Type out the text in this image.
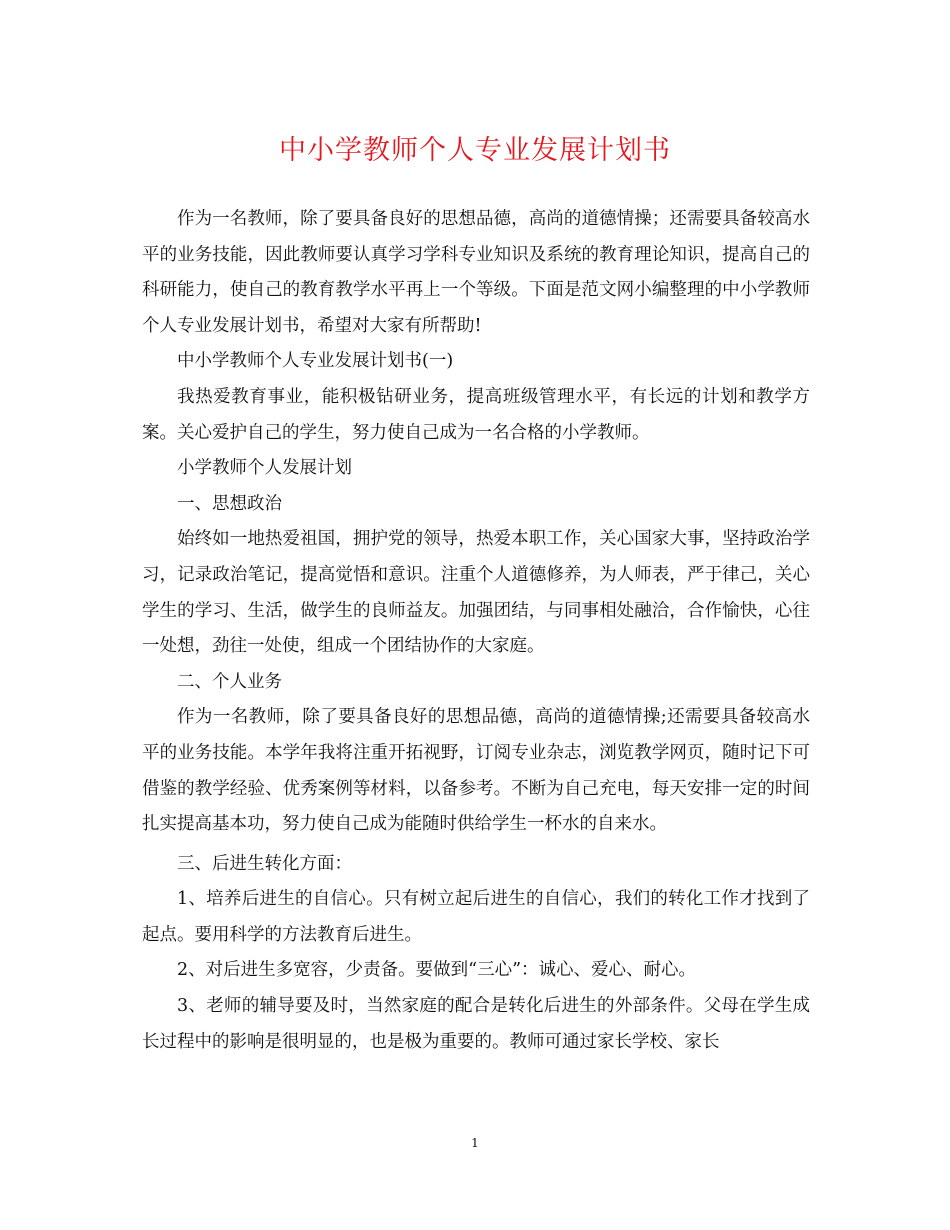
中小学教师个人专业发展计划书

作为一名教师，除了要具备良好的思想品德，高尚的道德情操；还需要具备较高水平的业务技能，因此教师要认真学习学科专业知识及系统的教育理论知识，提高自己的科研能力，使自己的教育教学水平再上一个等级。下面是范文网小编整理的中小学教师个人专业发展计划书，希望对大家有所帮助!

中小学教师个人专业发展计划书(一)

我热爱教育事业，能积极钻研业务，提高班级管理水平，有长远的计划和教学方案。关心爱护自己的学生，努力使自己成为一名合格的小学教师。

小学教师个人发展计划

一、思想政治

始终如一地热爱祖国，拥护党的领导，热爱本职工作，关心国家大事，坚持政治学习，记录政治笔记，提高觉悟和意识。注重个人道德修养，为人师表，严于律己，关心学生的学习、生活，做学生的良师益友。加强团结，与同事相处融洽，合作愉快，心往一处想，劲往一处使，组成一个团结协作的大家庭。

二、个人业务

作为一名教师，除了要具备良好的思想品德，高尚的道德情操;还需要具备较高水平的业务技能。本学年我将注重开拓视野，订阅专业杂志，浏览教学网页，随时记下可借鉴的教学经验、优秀案例等材料，以备参考。不断为自己充电，每天安排一定的时间扎实提高基本功，努力使自己成为能随时供给学生一杯水的自来水。

三、后进生转化方面：

1、培养后进生的自信心。只有树立起后进生的自信心，我们的转化工作才找到了起点。要用科学的方法教育后进生。

2、对后进生多宽容，少责备。要做到“三心”：诚心、爱心、耐心。

3、老师的辅导要及时，当然家庭的配合是转化后进生的外部条件。父母在学生成长过程中的影响是很明显的，也是极为重要的。教师可通过家长学校、家长

1
